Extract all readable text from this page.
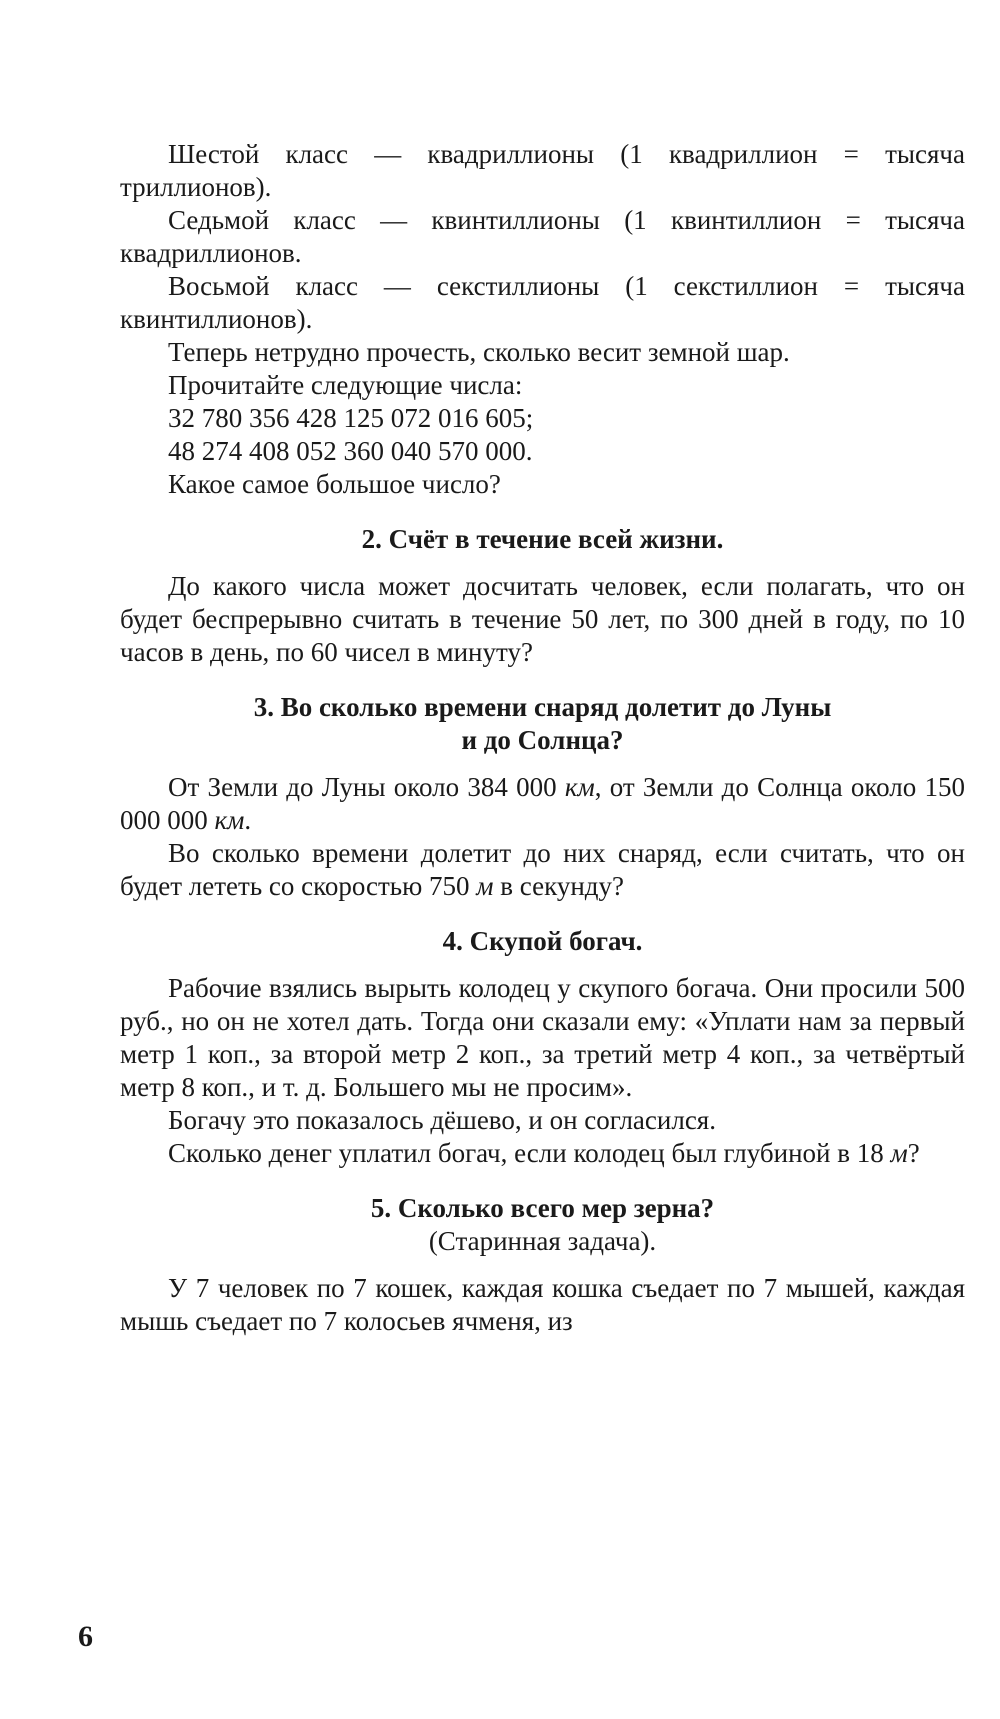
Шестой класс — квадриллионы (1 квадриллион = тысяча триллионов).

Седьмой класс — квинтиллионы (1 квинтиллион = тысяча квадриллионов.

Восьмой класс — секстиллионы (1 секстиллион = тысяча квинтиллионов).

Теперь нетрудно прочесть, сколько весит земной шар.

Прочитайте следующие числа:

32 780 356 428 125 072 016 605;

48 274 408 052 360 040 570 000.

Какое самое большое число?

2. Счёт в течение всей жизни.

До какого числа может досчитать человек, если полагать, что он будет беспрерывно считать в течение 50 лет, по 300 дней в году, по 10 часов в день, по 60 чисел в минуту?

3. Во сколько времени снаряд долетит до Луны
и до Солнца?

От Земли до Луны около 384 000 км, от Земли до Солнца около 150 000 000 км.

Во сколько времени долетит до них снаряд, если считать, что он будет лететь со скоростью 750 м в секунду?

4. Скупой богач.

Рабочие взялись вырыть колодец у скупого богача. Они просили 500 руб., но он не хотел дать. Тогда они сказали ему: «Уплати нам за первый метр 1 коп., за второй метр 2 коп., за третий метр 4 коп., за четвёртый метр 8 коп., и т. д. Большего мы не просим».

Богачу это показалось дёшево, и он согласился.

Сколько денег уплатил богач, если колодец был глубиной в 18 м?

5. Сколько всего мер зерна?
(Старинная задача).

У 7 человек по 7 кошек, каждая кошка съедает по 7 мышей, каждая мышь съедает по 7 колосьев ячменя, из

6
